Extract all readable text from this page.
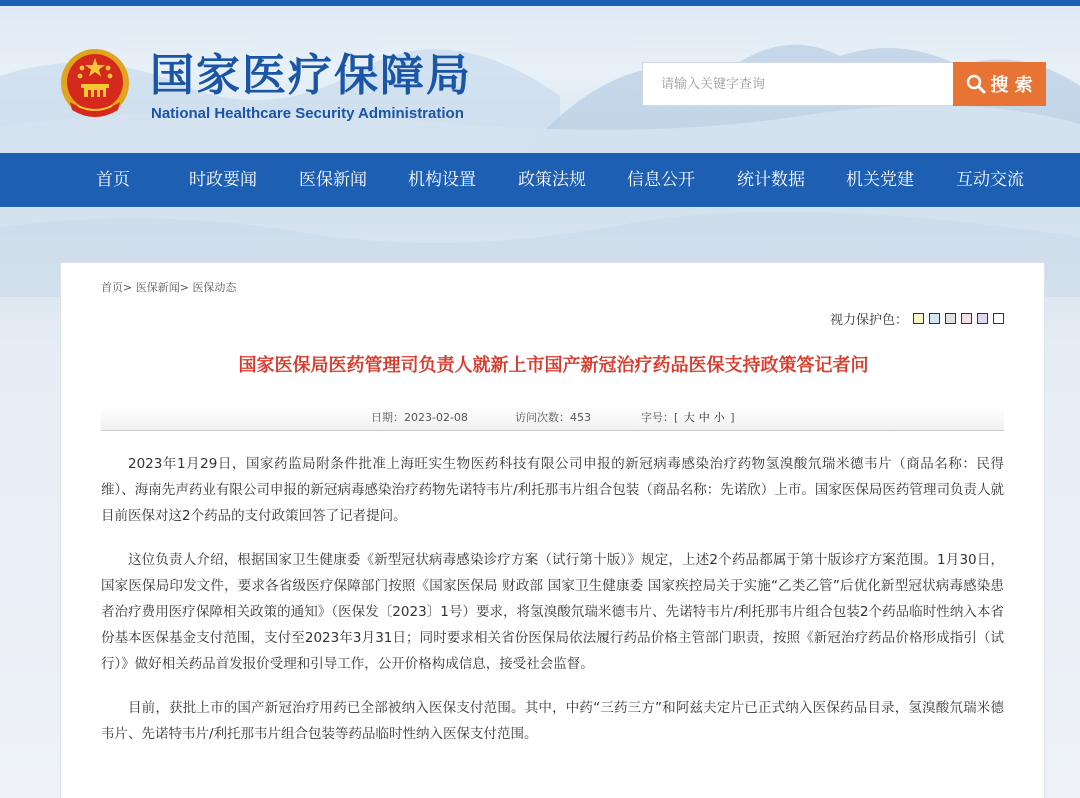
国家医疗保障局
National Healthcare Security Administration
请输入关键字查询
搜 索
首页	时政要闻 医保新闻 机构设置 政策法规 信息公开 统计数据 机关党建 互动交流
首页> 医保新闻> 医保动态
视力保护色：
国家医保局医药管理司负责人就新上市国产新冠治疗药品医保支持政策答记者问
日期：2023-02-08	访问次数：453	字号：[ 大 中 小 ]

2023年1月29日，国家药监局附条件批准上海旺实生物医药科技有限公司申报的新冠病毒感染治疗药物氢溴酸氘瑞米德韦片（商品名称：民得维）、海南先声药业有限公司申报的新冠病毒感染治疗药物先诺特韦片/利托那韦片组合包装（商品名称：先诺欣）上市。国家医保局医药管理司负责人就目前医保对这2个药品的支付政策回答了记者提问。

这位负责人介绍，根据国家卫生健康委《新型冠状病毒感染诊疗方案（试行第十版）》规定，上述2个药品都属于第十版诊疗方案范围。1月30日，国家医保局印发文件，要求各省级医疗保障部门按照《国家医保局 财政部 国家卫生健康委 国家疾控局关于实施“乙类乙管”后优化新型冠状病毒感染患者治疗费用医疗保障相关政策的通知》（医保发〔2023〕1号）要求，将氢溴酸氘瑞米德韦片、先诺特韦片/利托那韦片组合包装2个药品临时性纳入本省份基本医保基金支付范围，支付至2023年3月31日；同时要求相关省份医保局依法履行药品价格主管部门职责，按照《新冠治疗药品价格形成指引（试行）》做好相关药品首发报价受理和引导工作，公开价格构成信息，接受社会监督。

目前，获批上市的国产新冠治疗用药已全部被纳入医保支付范围。其中，中药“三药三方”和阿兹夫定片已正式纳入医保药品目录，氢溴酸氘瑞米德韦片、先诺特韦片/利托那韦片组合包装等药品临时性纳入医保支付范围。
